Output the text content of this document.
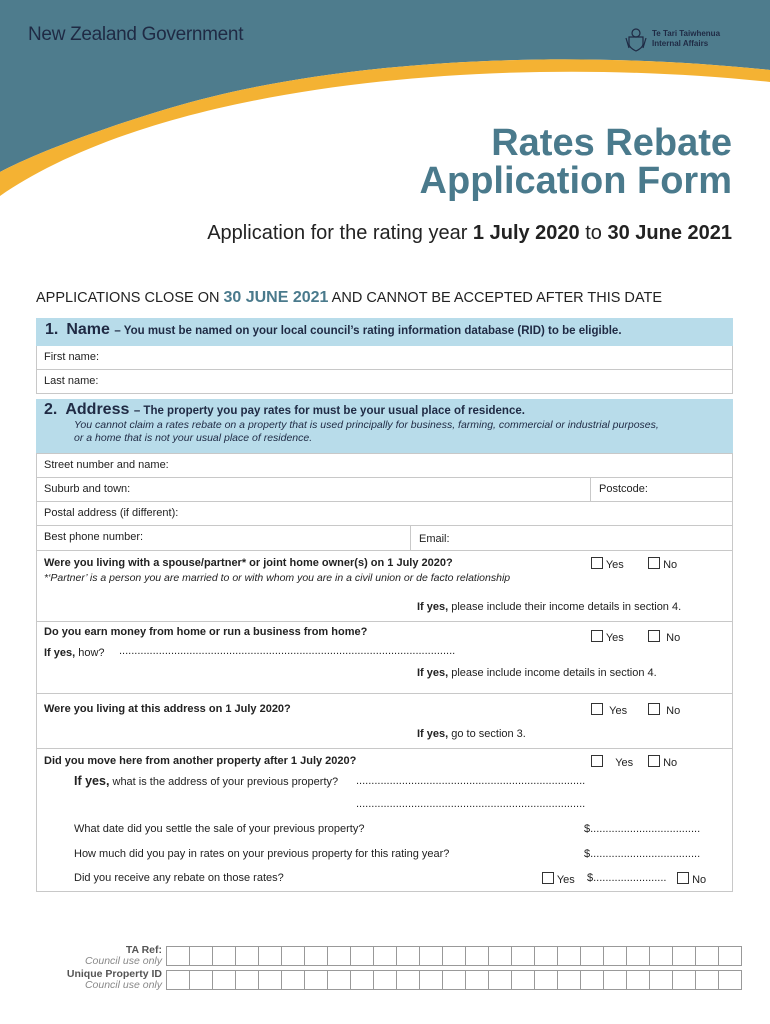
New Zealand Government	Te Tari Taiwhenua
Internal Affairs
Rates Rebate
Application Form
Application for the rating year 1 July 2020 to 30 June 2021
APPLICATIONS CLOSE ON 30 JUNE 2021 AND CANNOT BE ACCEPTED AFTER THIS DATE
1. Name – You must be named on your local council’s rating information database (RID) to be eligible.
First name:
Last name:
2. Address – The property you pay rates for must be your usual place of residence.
You cannot claim a rates rebate on a property that is used principally for business, farming, commercial or industrial purposes,
or a home that is not your usual place of residence.
Street number and name:
Suburb and town:	Postcode:
Postal address (if different):
Best phone number:	Email:
Were you living with a spouse/partner* or joint home owner(s) on 1 July 2020?
*‘Partner’ is a person you are married to or with whom you are in a civil union or de facto relationship
Yes	No
If yes, please include their income details in section 4.
Do you earn money from home or run a business from home?	Yes	No
If yes, how? ..............................................................................................................
If yes, please include income details in section 4.
Were you living at this address on 1 July 2020?	Yes	No
If yes, go to section 3.
Did you move here from another property after 1 July 2020?	Yes	No
If yes, what is the address of your previous property? ...........................................................................
...........................................................................
What date did you settle the sale of your previous property?	$....................................
How much did you pay in rates on your previous property for this rating year?	$....................................
Did you receive any rebate on those rates?	Yes $........................	No
TA Ref:
Council use only
Unique Property ID
Council use only
